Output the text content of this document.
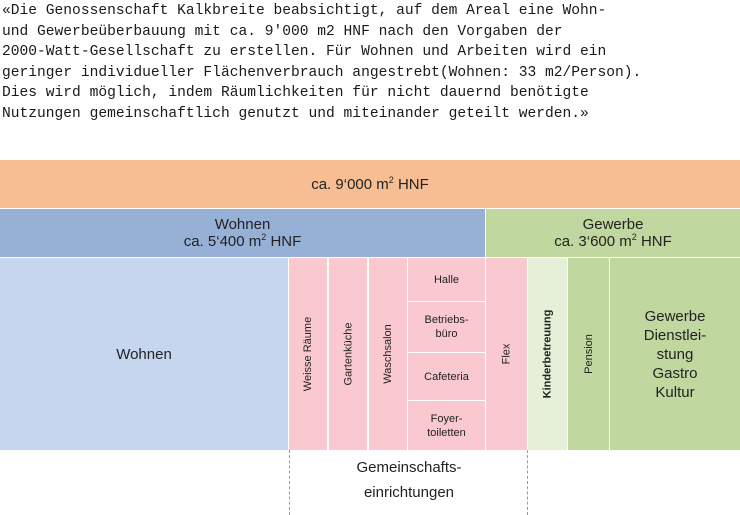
«Die Genossenschaft Kalkbreite beabsichtigt, auf dem Areal eine Wohn-
und Gewerbeüberbauung mit ca. 9'000 m2 HNF nach den Vorgaben der
2000-Watt-Gesellschaft zu erstellen. Für Wohnen und Arbeiten wird ein
geringer individueller Flächenverbrauch angestrebt(Wohnen: 33 m2/Person).
Dies wird möglich, indem Räumlichkeiten für nicht dauernd benötigte
Nutzungen gemeinschaftlich genutzt und miteinander geteilt werden.»
ca. 9‘000 $m^2$ HNF
Wohnen
ca. 5‘400 $m^2$ HNF
Gewerbe
ca. 3‘600 $m^2$ HNF
Wohnen	Weisse Räume	Gartenküche	Waschsalon
Halle
Betriebs-
büro
Cafeteria
Foyer-
toiletten
Flex	Kinderbetreuung	Pension
Gewerbe
Dienstlei-
stung
Gastro
Kultur
Gemeinschafts-
einrichtungen
